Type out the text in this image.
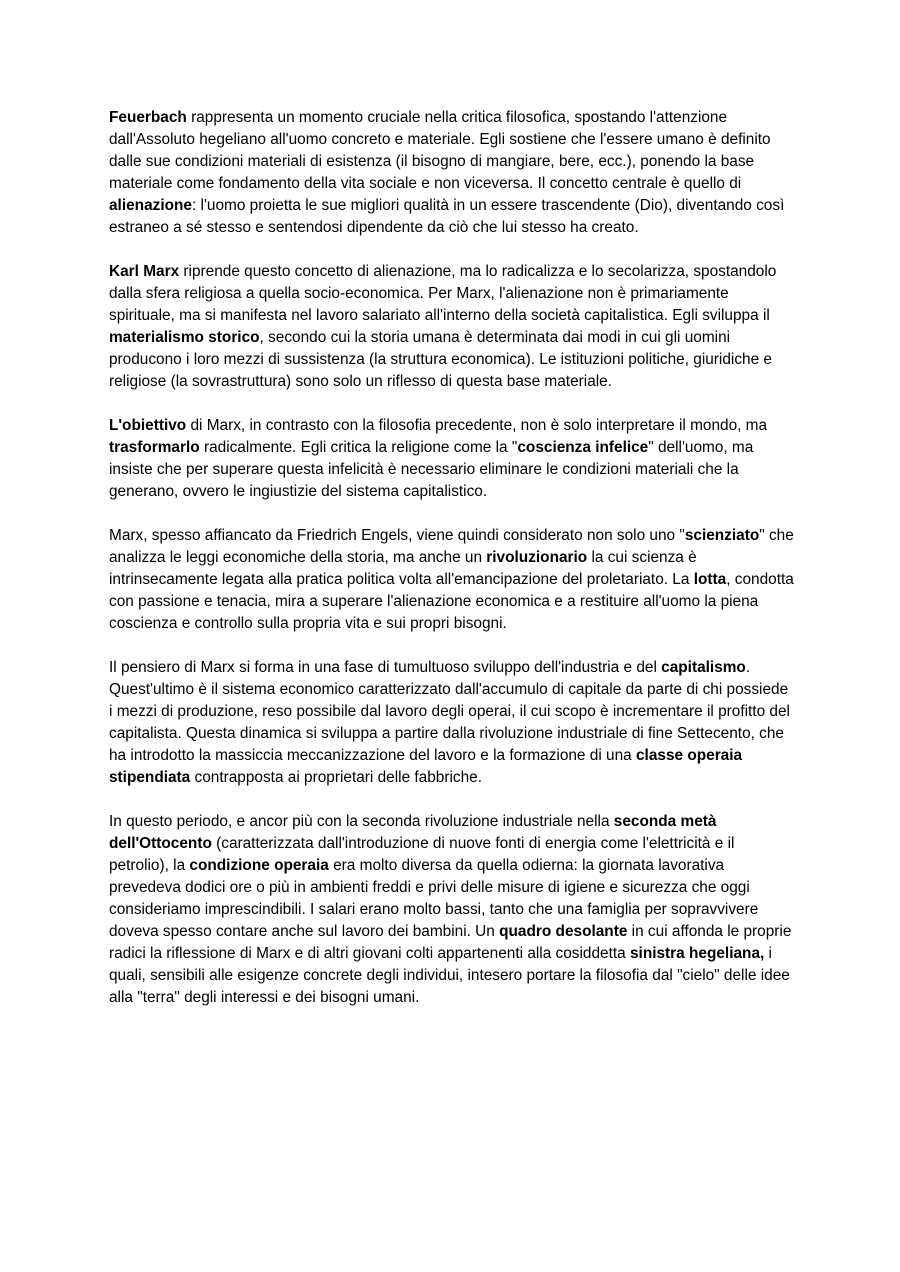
Feuerbach rappresenta un momento cruciale nella critica filosofica, spostando l'attenzione dall'Assoluto hegeliano all'uomo concreto e materiale. Egli sostiene che l'essere umano è definito dalle sue condizioni materiali di esistenza (il bisogno di mangiare, bere, ecc.), ponendo la base materiale come fondamento della vita sociale e non viceversa. Il concetto centrale è quello di alienazione: l'uomo proietta le sue migliori qualità in un essere trascendente (Dio), diventando così estraneo a sé stesso e sentendosi dipendente da ciò che lui stesso ha creato.

Karl Marx riprende questo concetto di alienazione, ma lo radicalizza e lo secolarizza, spostandolo dalla sfera religiosa a quella socio-economica. Per Marx, l'alienazione non è primariamente spirituale, ma si manifesta nel lavoro salariato all'interno della società capitalistica. Egli sviluppa il materialismo storico, secondo cui la storia umana è determinata dai modi in cui gli uomini producono i loro mezzi di sussistenza (la struttura economica). Le istituzioni politiche, giuridiche e religiose (la sovrastruttura) sono solo un riflesso di questa base materiale.

L'obiettivo di Marx, in contrasto con la filosofia precedente, non è solo interpretare il mondo, ma trasformarlo radicalmente. Egli critica la religione come la "coscienza infelice" dell'uomo, ma insiste che per superare questa infelicità è necessario eliminare le condizioni materiali che la generano, ovvero le ingiustizie del sistema capitalistico.

Marx, spesso affiancato da Friedrich Engels, viene quindi considerato non solo uno "scienziato" che analizza le leggi economiche della storia, ma anche un rivoluzionario la cui scienza è intrinsecamente legata alla pratica politica volta all'emancipazione del proletariato. La lotta, condotta con passione e tenacia, mira a superare l'alienazione economica e a restituire all'uomo la piena coscienza e controllo sulla propria vita e sui propri bisogni.

Il pensiero di Marx si forma in una fase di tumultuoso sviluppo dell'industria e del capitalismo. Quest'ultimo è il sistema economico caratterizzato dall'accumulo di capitale da parte di chi possiede i mezzi di produzione, reso possibile dal lavoro degli operai, il cui scopo è incrementare il profitto del capitalista. Questa dinamica si sviluppa a partire dalla rivoluzione industriale di fine Settecento, che ha introdotto la massiccia meccanizzazione del lavoro e la formazione di una classe operaia stipendiata contrapposta ai proprietari delle fabbriche.

In questo periodo, e ancor più con la seconda rivoluzione industriale nella seconda metà dell'Ottocento (caratterizzata dall'introduzione di nuove fonti di energia come l'elettricità e il petrolio), la condizione operaia era molto diversa da quella odierna: la giornata lavorativa prevedeva dodici ore o più in ambienti freddi e privi delle misure di igiene e sicurezza che oggi consideriamo imprescindibili. I salari erano molto bassi, tanto che una famiglia per sopravvivere doveva spesso contare anche sul lavoro dei bambini. Un quadro desolante in cui affonda le proprie radici la riflessione di Marx e di altri giovani colti appartenenti alla cosiddetta sinistra hegeliana, i quali, sensibili alle esigenze concrete degli individui, intesero portare la filosofia dal "cielo" delle idee alla "terra" degli interessi e dei bisogni umani.
